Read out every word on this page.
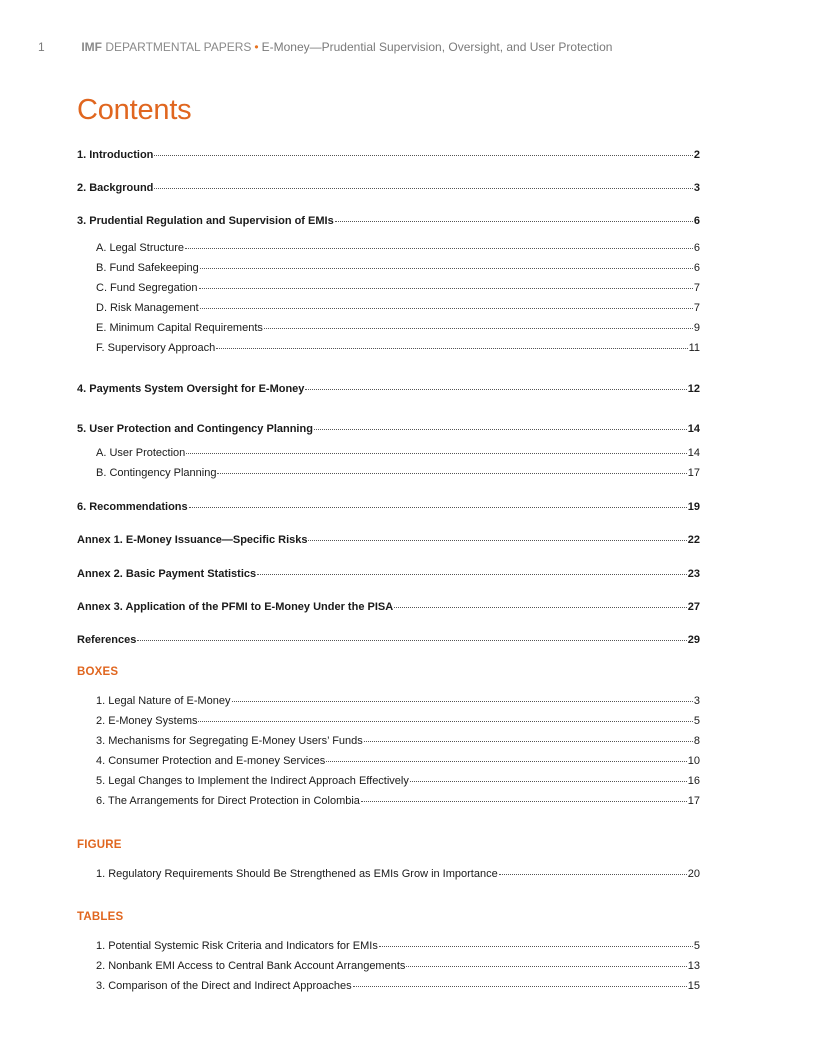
1	IMF DEPARTMENTAL PAPERS • E-Money—Prudential Supervision, Oversight, and User Protection
Contents
1. Introduction	2
2. Background	3
3. Prudential Regulation and Supervision of EMIs	6
A. Legal Structure	6
B. Fund Safekeeping	6
C. Fund Segregation	7
D. Risk Management	7
E. Minimum Capital Requirements	9
F. Supervisory Approach	11
4. Payments System Oversight for E-Money	12
5. User Protection and Contingency Planning	14
A. User Protection	14
B. Contingency Planning	17
6. Recommendations	19
Annex 1. E-Money Issuance—Specific Risks	22
Annex 2. Basic Payment Statistics	23
Annex 3. Application of the PFMI to E-Money Under the PISA	27
References	29
BOXES
1. Legal Nature of E-Money	3
2. E-Money Systems	5
3. Mechanisms for Segregating E-Money Users’ Funds	8
4. Consumer Protection and E-money Services	10
5. Legal Changes to Implement the Indirect Approach Effectively	16
6. The Arrangements for Direct Protection in Colombia	17
FIGURE
1. Regulatory Requirements Should Be Strengthened as EMIs Grow in Importance	20
TABLES
1. Potential Systemic Risk Criteria and Indicators for EMIs	5
2. Nonbank EMI Access to Central Bank Account Arrangements	13
3. Comparison of the Direct and Indirect Approaches	15
